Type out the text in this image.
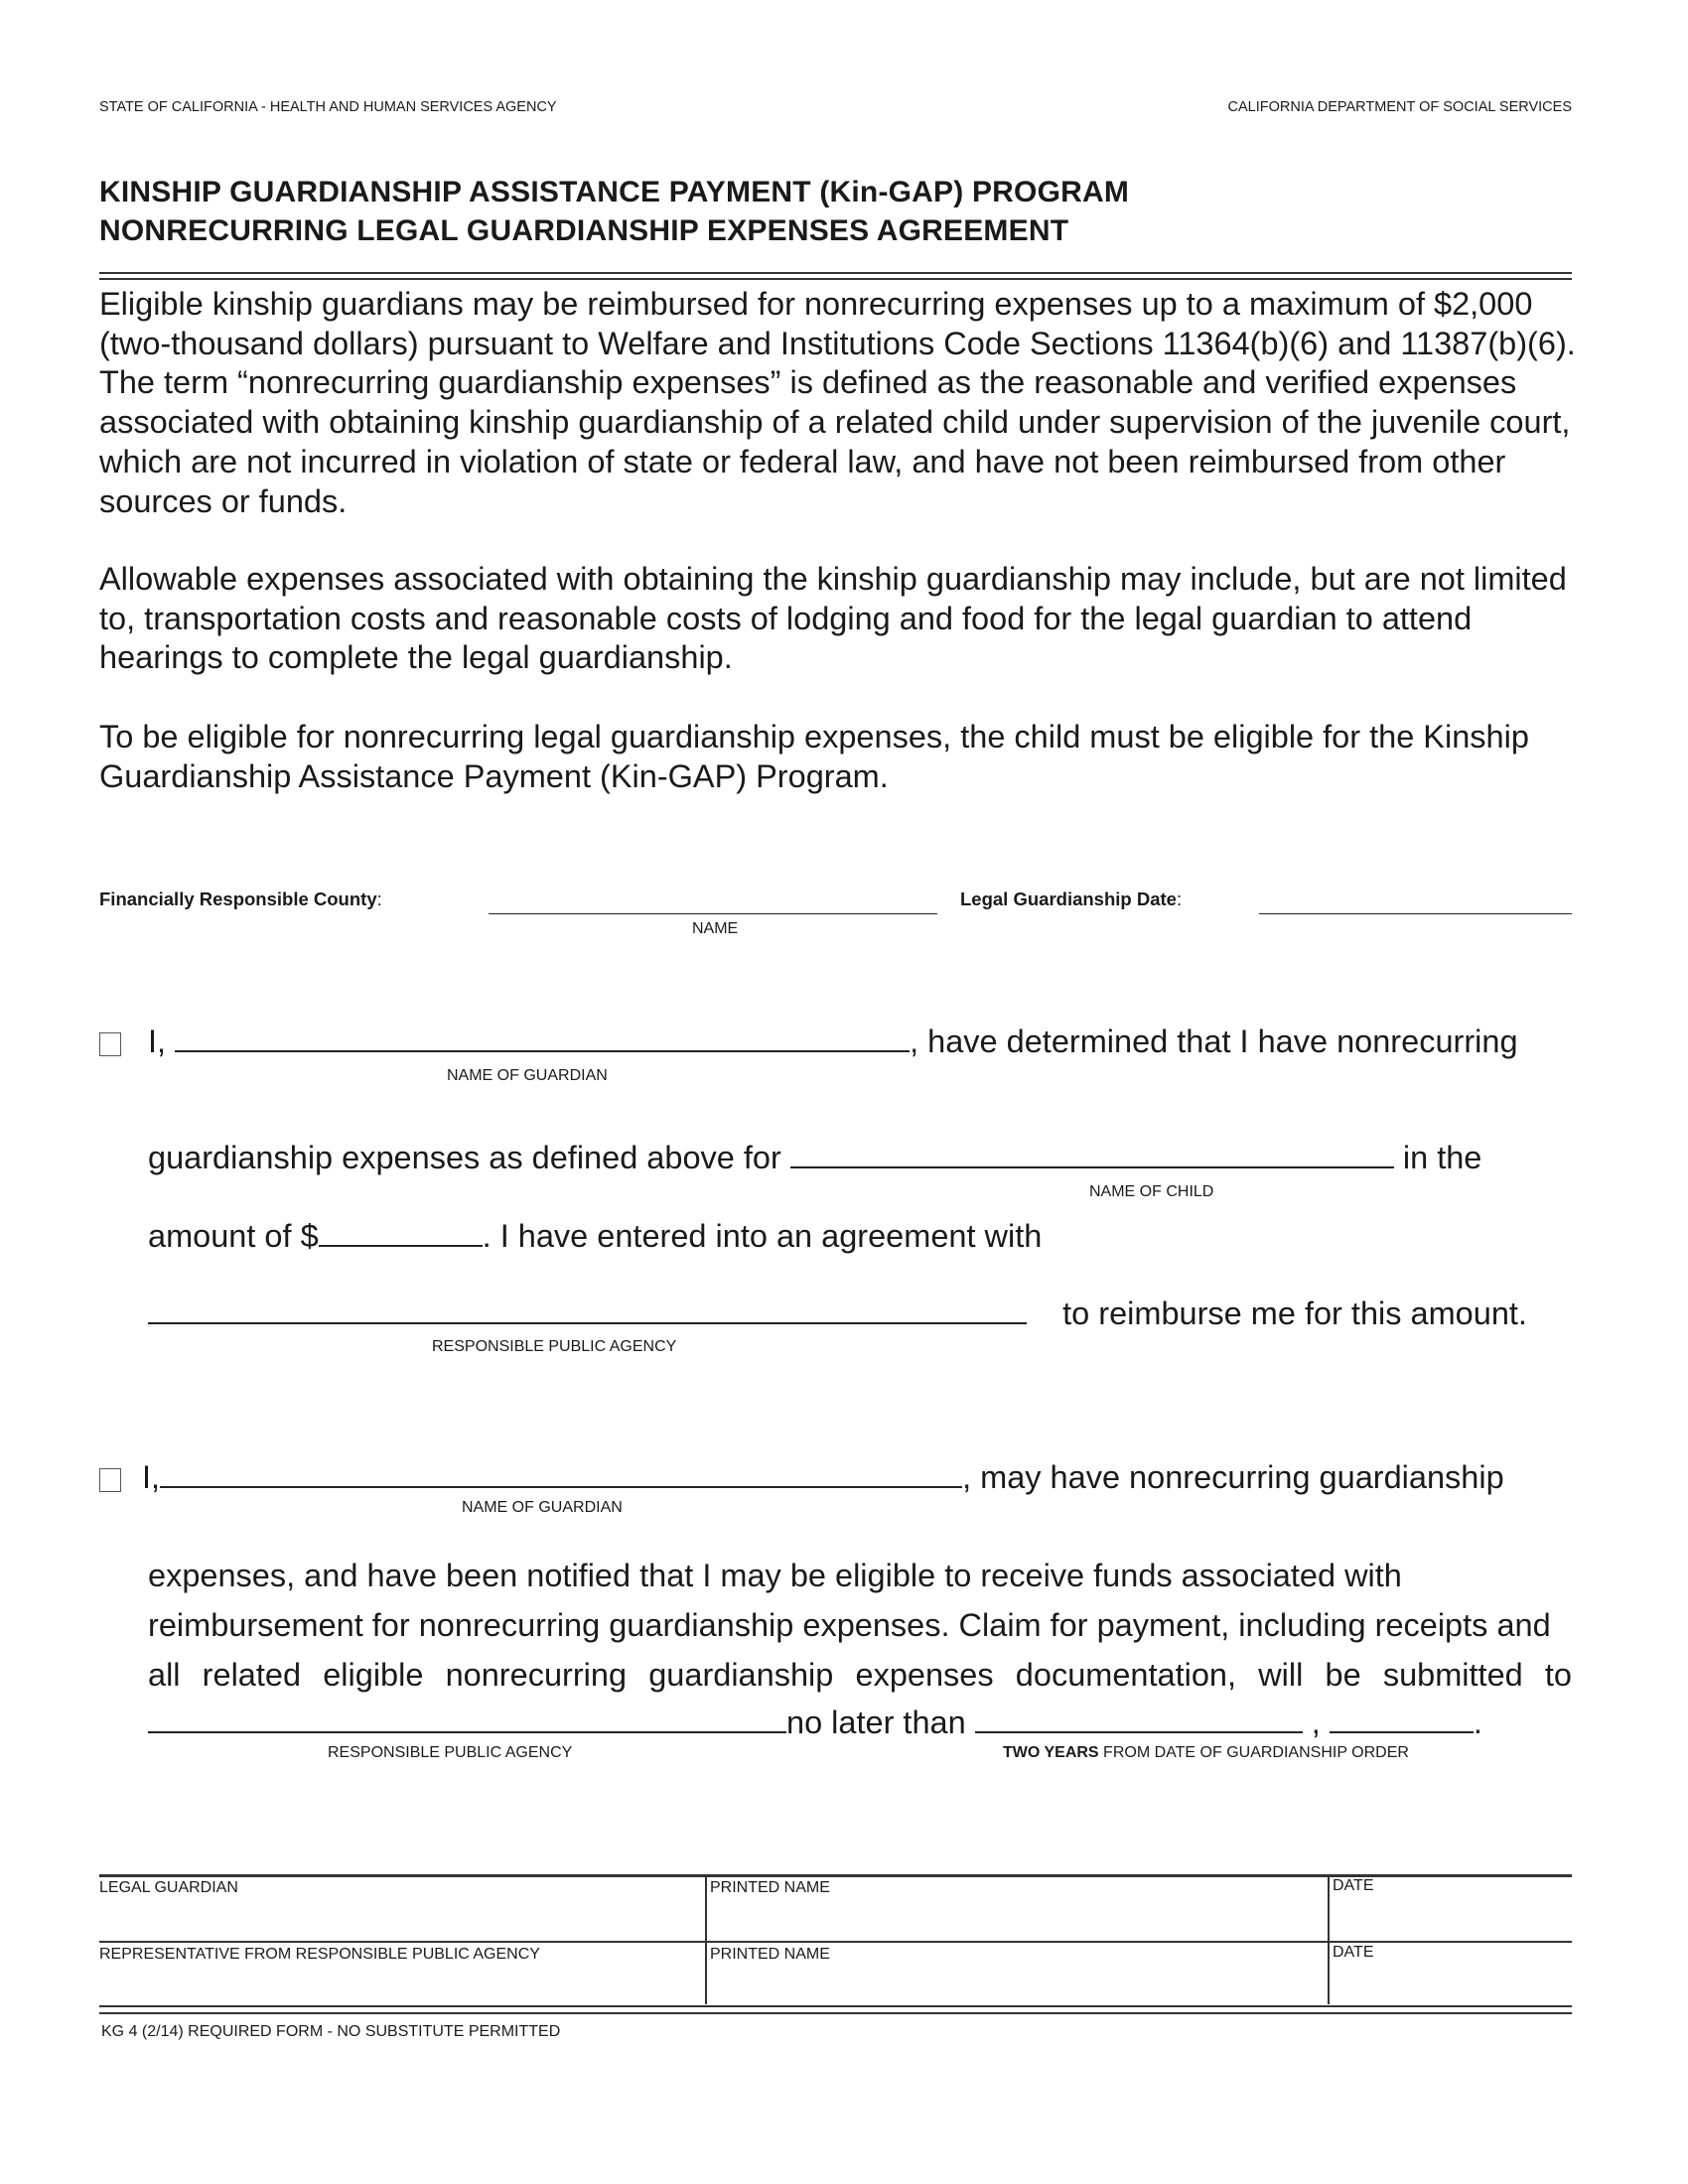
STATE OF CALIFORNIA - HEALTH AND HUMAN SERVICES AGENCY	CALIFORNIA DEPARTMENT OF SOCIAL SERVICES
KINSHIP GUARDIANSHIP ASSISTANCE PAYMENT (Kin-GAP) PROGRAM
NONRECURRING LEGAL GUARDIANSHIP EXPENSES AGREEMENT
Eligible kinship guardians may be reimbursed for nonrecurring expenses up to a maximum of $2,000 (two-thousand dollars) pursuant to Welfare and Institutions Code Sections 11364(b)(6) and 11387(b)(6). The term “nonrecurring guardianship expenses” is defined as the reasonable and verified expenses associated with obtaining kinship guardianship of a related child under supervision of the juvenile court, which are not incurred in violation of state or federal law, and have not been reimbursed from other sources or funds.
Allowable expenses associated with obtaining the kinship guardianship may include, but are not limited to, transportation costs and reasonable costs of lodging and food for the legal guardian to attend hearings to complete the legal guardianship.
To be eligible for nonrecurring legal guardianship expenses, the child must be eligible for the Kinship Guardianship Assistance Payment (Kin-GAP) Program.
Financially Responsible County:
NAME
Legal Guardianship Date:
I,	, have determined that I have nonrecurring
NAME OF GUARDIAN
guardianship expenses as defined above for	in the
NAME OF CHILD
amount of $	. I have entered into an agreement with
to reimburse me for this amount.
RESPONSIBLE PUBLIC AGENCY
I,	, may have nonrecurring guardianship
NAME OF GUARDIAN
expenses, and have been notified that I may be eligible to receive funds associated with
reimbursement for nonrecurring guardianship expenses. Claim for payment, including receipts and
all related eligible nonrecurring guardianship expenses documentation, will be submitted to
no later than	,	.
RESPONSIBLE PUBLIC AGENCY	TWO YEARS FROM DATE OF GUARDIANSHIP ORDER
LEGAL GUARDIAN	PRINTED NAME	DATE
REPRESENTATIVE FROM RESPONSIBLE PUBLIC AGENCY	PRINTED NAME	DATE
KG 4 (2/14) REQUIRED FORM - NO SUBSTITUTE PERMITTED
